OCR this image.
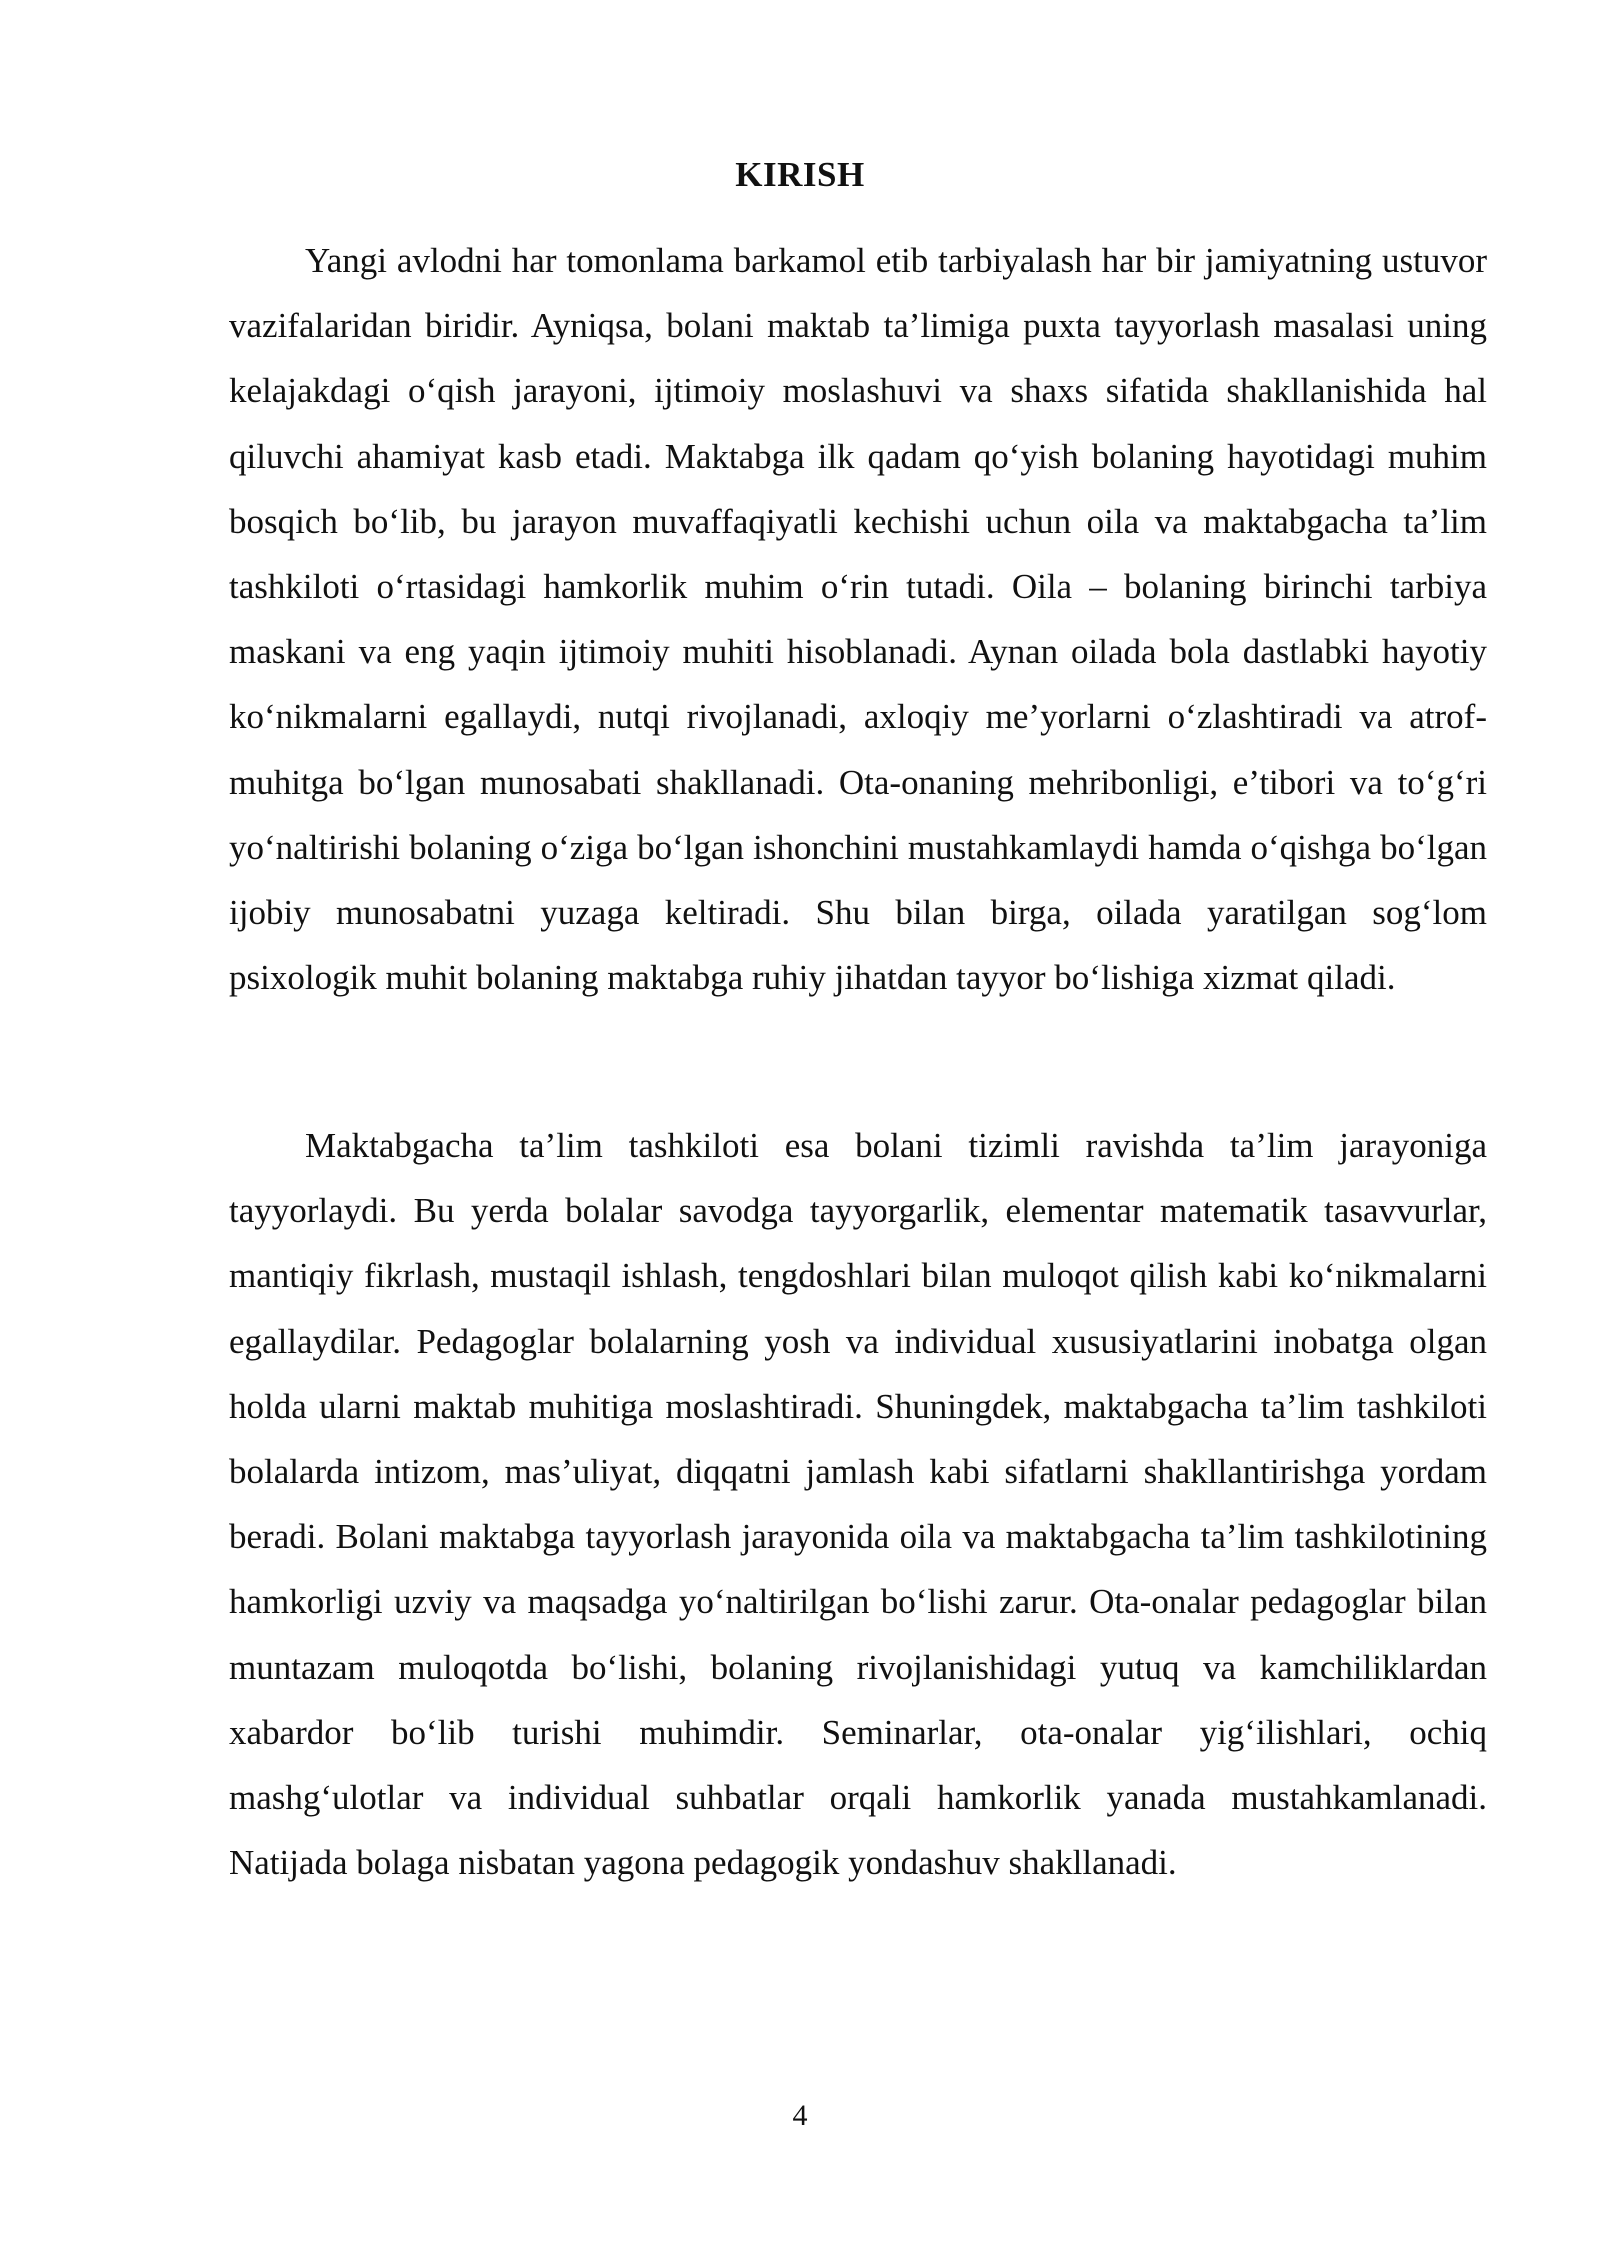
KIRISH

Yangi avlodni har tomonlama barkamol etib tarbiyalash har bir jamiyatning ustuvor vazifalaridan biridir. Ayniqsa, bolani maktab ta’limiga puxta tayyorlash masalasi uning kelajakdagi o‘qish jarayoni, ijtimoiy moslashuvi va shaxs sifatida shakllanishida hal qiluvchi ahamiyat kasb etadi. Maktabga ilk qadam qo‘yish bolaning hayotidagi muhim bosqich bo‘lib, bu jarayon muvaffaqiyatli kechishi uchun oila va maktabgacha ta’lim tashkiloti o‘rtasidagi hamkorlik muhim o‘rin tutadi. Oila – bolaning birinchi tarbiya maskani va eng yaqin ijtimoiy muhiti hisoblanadi. Aynan oilada bola dastlabki hayotiy ko‘nikmalarni egallaydi, nutqi rivojlanadi, axloqiy me’yorlarni o‘zlashtiradi va atrof-muhitga bo‘lgan munosabati shakllanadi. Ota-onaning mehribonligi, e’tibori va to‘g‘ri yo‘naltirishi bolaning o‘ziga bo‘lgan ishonchini mustahkamlaydi hamda o‘qishga bo‘lgan ijobiy munosabatni yuzaga keltiradi. Shu bilan birga, oilada yaratilgan sog‘lom psixologik muhit bolaning maktabga ruhiy jihatdan tayyor bo‘lishiga xizmat qiladi.

Maktabgacha ta’lim tashkiloti esa bolani tizimli ravishda ta’lim jarayoniga tayyorlaydi. Bu yerda bolalar savodga tayyorgarlik, elementar matematik tasavvurlar, mantiqiy fikrlash, mustaqil ishlash, tengdoshlari bilan muloqot qilish kabi ko‘nikmalarni egallaydilar. Pedagoglar bolalarning yosh va individual xususiyatlarini inobatga olgan holda ularni maktab muhitiga moslashtiradi. Shuningdek, maktabgacha ta’lim tashkiloti bolalarda intizom, mas’uliyat, diqqatni jamlash kabi sifatlarni shakllantirishga yordam beradi. Bolani maktabga tayyorlash jarayonida oila va maktabgacha ta’lim tashkilotining hamkorligi uzviy va maqsadga yo‘naltirilgan bo‘lishi zarur. Ota-onalar pedagoglar bilan muntazam muloqotda bo‘lishi, bolaning rivojlanishidagi yutuq va kamchiliklardan xabardor bo‘lib turishi muhimdir. Seminarlar, ota-onalar yig‘ilishlari, ochiq mashg‘ulotlar va individual suhbatlar orqali hamkorlik yanada mustahkamlanadi. Natijada bolaga nisbatan yagona pedagogik yondashuv shakllanadi.

4
